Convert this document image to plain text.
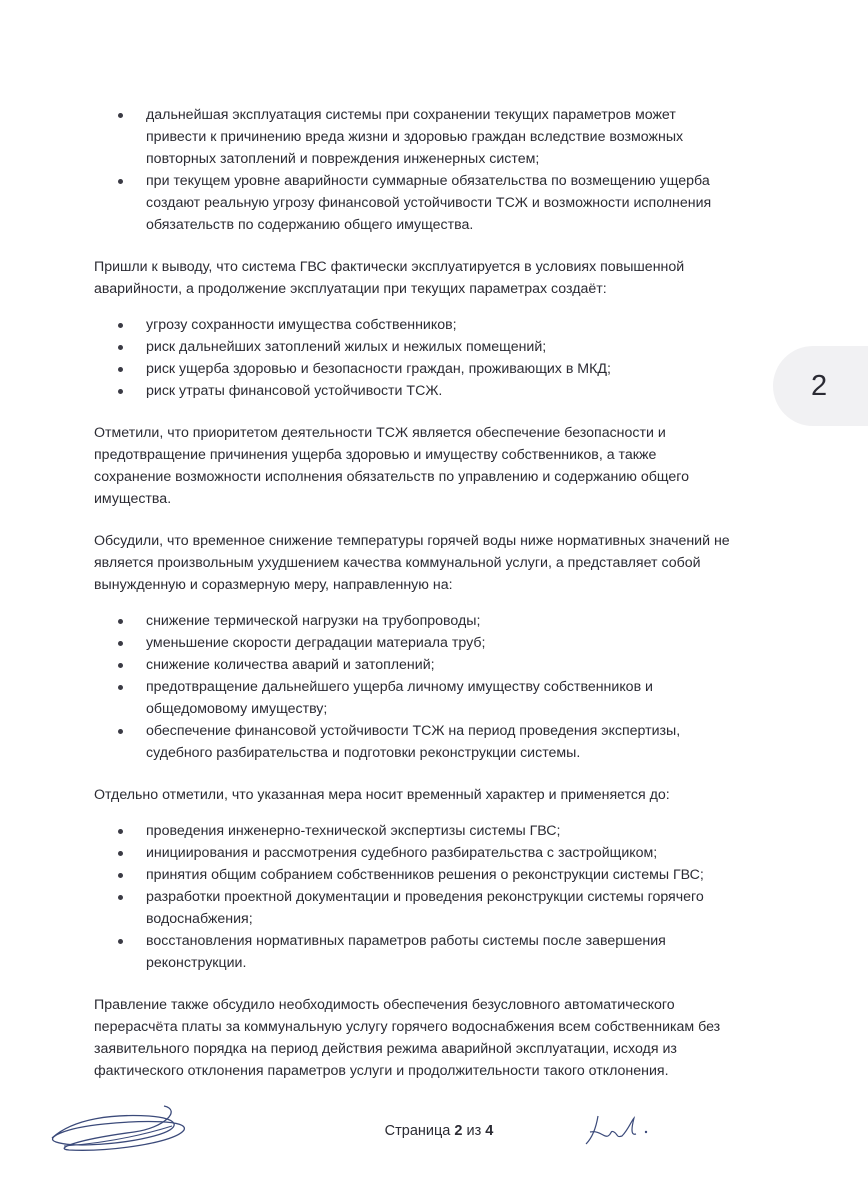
дальнейшая эксплуатация системы при сохранении текущих параметров может привести к причинению вреда жизни и здоровью граждан вследствие возможных повторных затоплений и повреждения инженерных систем;
при текущем уровне аварийности суммарные обязательства по возмещению ущерба создают реальную угрозу финансовой устойчивости ТСЖ и возможности исполнения обязательств по содержанию общего имущества.

Пришли к выводу, что система ГВС фактически эксплуатируется в условиях повышенной аварийности, а продолжение эксплуатации при текущих параметрах создаёт:

угрозу сохранности имущества собственников;
риск дальнейших затоплений жилых и нежилых помещений;
риск ущерба здоровью и безопасности граждан, проживающих в МКД;
риск утраты финансовой устойчивости ТСЖ.

Отметили, что приоритетом деятельности ТСЖ является обеспечение безопасности и предотвращение причинения ущерба здоровью и имуществу собственников, а также сохранение возможности исполнения обязательств по управлению и содержанию общего имущества.

Обсудили, что временное снижение температуры горячей воды ниже нормативных значений не является произвольным ухудшением качества коммунальной услуги, а представляет собой вынужденную и соразмерную меру, направленную на:

снижение термической нагрузки на трубопроводы;
уменьшение скорости деградации материала труб;
снижение количества аварий и затоплений;
предотвращение дальнейшего ущерба личному имуществу собственников и общедомовому имуществу;
обеспечение финансовой устойчивости ТСЖ на период проведения экспертизы, судебного разбирательства и подготовки реконструкции системы.

Отдельно отметили, что указанная мера носит временный характер и применяется до:

проведения инженерно-технической экспертизы системы ГВС;
инициирования и рассмотрения судебного разбирательства с застройщиком;
принятия общим собранием собственников решения о реконструкции системы ГВС;
разработки проектной документации и проведения реконструкции системы горячего водоснабжения;
восстановления нормативных параметров работы системы после завершения реконструкции.

Правление также обсудило необходимость обеспечения безусловного автоматического перерасчёта платы за коммунальную услугу горячего водоснабжения всем собственникам без заявительного порядка на период действия режима аварийной эксплуатации, исходя из фактического отклонения параметров услуги и продолжительности такого отклонения.

2
Страница 2 из 4
